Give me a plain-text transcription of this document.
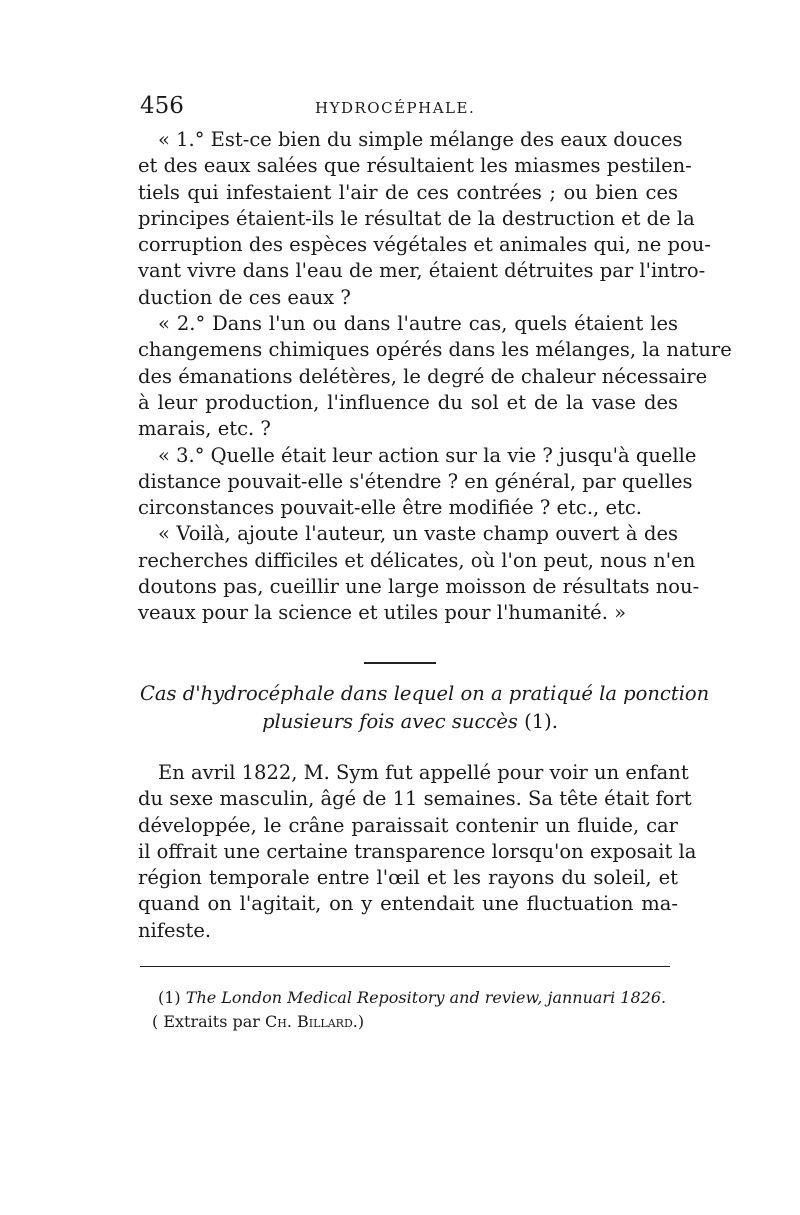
456	HYDROCÉPHALE.
« 1.° Est-ce bien du simple mélange des eaux douces
et des eaux salées que résultaient les miasmes pestilen-
tiels qui infestaient l'air de ces contrées ; ou bien ces
principes étaient-ils le résultat de la destruction et de la
corruption des espèces végétales et animales qui, ne pou-
vant vivre dans l'eau de mer, étaient détruites par l'intro-
duction de ces eaux ?
« 2.° Dans l'un ou dans l'autre cas, quels étaient les
changemens chimiques opérés dans les mélanges, la nature
des émanations delétères, le degré de chaleur nécessaire
à leur production, l'influence du sol et de la vase des
marais, etc. ?
« 3.° Quelle était leur action sur la vie ? jusqu'à quelle
distance pouvait-elle s'étendre ? en général, par quelles
circonstances pouvait-elle être modifiée ? etc., etc.
« Voilà, ajoute l'auteur, un vaste champ ouvert à des
recherches difficiles et délicates, où l'on peut, nous n'en
doutons pas, cueillir une large moisson de résultats nou-
veaux pour la science et utiles pour l'humanité. »
Cas d'hydrocéphale dans lequel on a pratiqué la ponction
plusieurs fois avec succès (1).
En avril 1822, M. Sym fut appellé pour voir un enfant
du sexe masculin, âgé de 11 semaines. Sa tête était fort
développée, le crâne paraissait contenir un fluide, car
il offrait une certaine transparence lorsqu'on exposait la
région temporale entre l'œil et les rayons du soleil, et
quand on l'agitait, on y entendait une fluctuation ma-
nifeste.
(1) The London Medical Repository and review, jannuari 1826.
( Extraits par Ch. Billard.)
